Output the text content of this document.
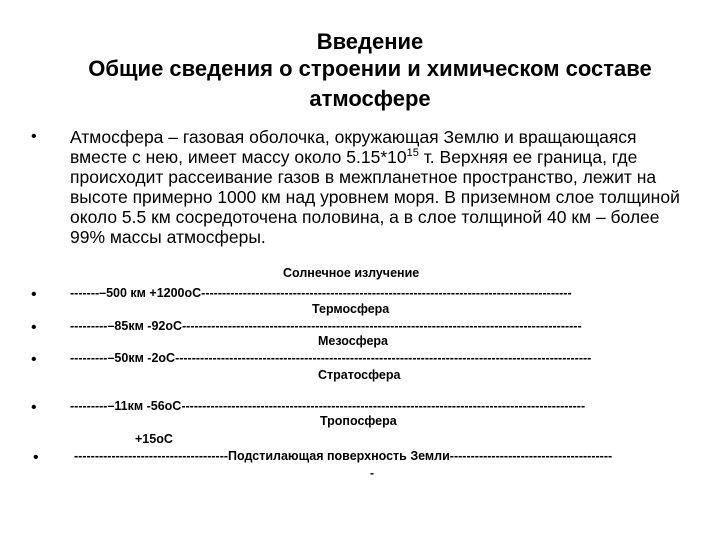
Введение
Общие сведения о строении и химическом составе
атмосфере
• Атмосфера – газовая оболочка, окружающая Землю и вращающаяся вместе с нею, имеет массу около $5.15*10^{15}$ т. Верхняя ее граница, где происходит рассеивание газов в межпланетное пространство, лежит на высоте примерно 1000 км над уровнем моря. В приземном слое толщиной около 5.5 км сосредоточена половина, а в слое толщиной 40 км – более 99% массы атмосферы.

Солнечное излучение
•	-------–500 км +1200оС-----------------------------------------------------------------------------------------
Термосфера
•	---------–85км -92оС------------------------------------------------------------------------------------------------
Мезосфера
•	---------–50км -2оС----------------------------------------------------------------------------------------------------
Стратосфера
•	---------–11км -56оС-------------------------------------------------------------------------------------------------
Тропосфера
+15оС
•	-------------------------------------Подстилающая поверхность Земли---------------------------------------
-
